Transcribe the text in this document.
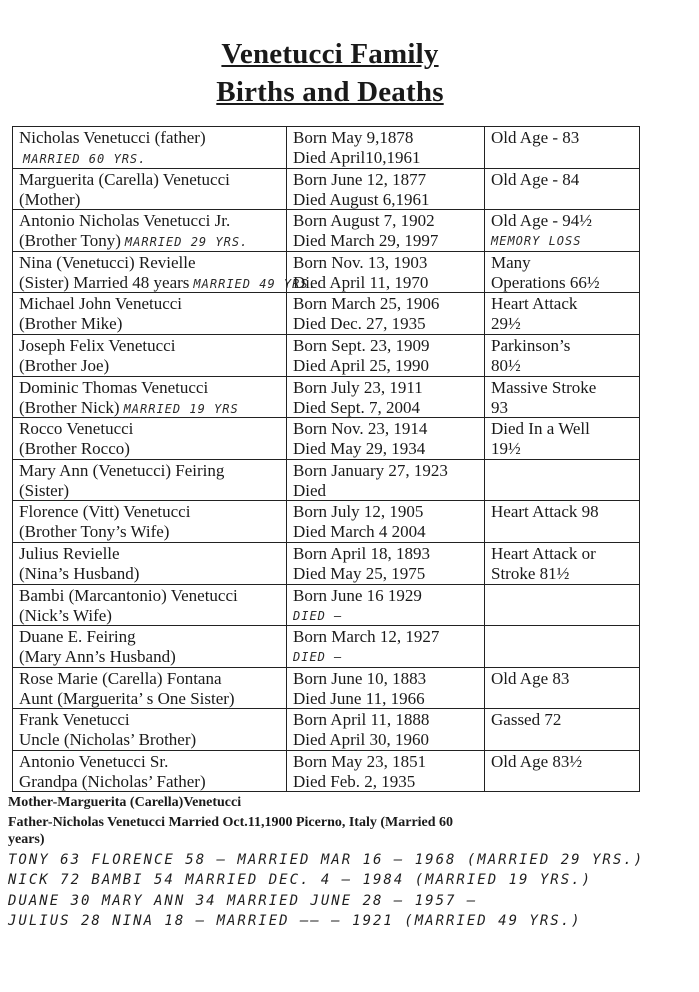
Venetucci Family
Births and Deaths
Nicholas Venetucci (father)
MARRIED 60 YRS.
Born May 9,1878
Died April10,1961
Old Age - 83
Marguerita (Carella) Venetucci
(Mother)
Born June 12, 1877
Died August 6,1961
Old Age - 84
Antonio Nicholas Venetucci Jr.
(Brother Tony) MARRIED 29 YRS.
Born August 7, 1902
Died March 29, 1997
Old Age - 94½
MEMORY LOSS
Nina (Venetucci) Revielle
(Sister) Married 48 years MARRIED 49 YRS.
Born Nov. 13, 1903
Died April 11, 1970
Many
Operations 66½
Michael John Venetucci
(Brother Mike)
Born March 25, 1906
Died Dec. 27, 1935
Heart Attack
29½
Joseph Felix Venetucci
(Brother Joe)
Born Sept. 23, 1909
Died April 25, 1990
Parkinson’s
80½
Dominic Thomas Venetucci
(Brother Nick) MARRIED 19 YRS
Born July 23, 1911
Died Sept. 7, 2004
Massive Stroke
93
Rocco Venetucci
(Brother Rocco)
Born Nov. 23, 1914
Died May 29, 1934
Died In a Well
19½
Mary Ann (Venetucci) Feiring
(Sister)
Born January 27, 1923
Died
Florence (Vitt) Venetucci
(Brother Tony’s Wife)
Born July 12, 1905
Died March 4 2004
Heart Attack 98
Julius Revielle
(Nina’s Husband)
Born April 18, 1893
Died May 25, 1975
Heart Attack or
Stroke 81½
Bambi (Marcantonio) Venetucci
(Nick’s Wife)
Born June 16 1929
DIED —
Duane E. Feiring
(Mary Ann’s Husband)
Born March 12, 1927
DIED —
Rose Marie (Carella) Fontana
Aunt (Marguerita’ s One Sister)
Born June 10, 1883
Died June 11, 1966
Old Age 83
Frank Venetucci
Uncle (Nicholas’ Brother)
Born April 11, 1888
Died April 30, 1960
Gassed 72
Antonio Venetucci Sr.
Grandpa (Nicholas’ Father)
Born May 23, 1851
Died Feb. 2, 1935
Old Age 83½
Mother-Marguerita (Carella)Venetucci
Father-Nicholas Venetucci Married Oct.11,1900 Picerno, Italy (Married 60
years)
TONY 63 FLORENCE 58 — MARRIED MAR 16 — 1968 (MARRIED 29 YRS.)
NICK 72 BAMBI 54 MARRIED DEC. 4 — 1984 (MARRIED 19 YRS.)
DUANE 30 MARY ANN 34 MARRIED JUNE 28 — 1957 —
JULIUS 28 NINA 18 — MARRIED —— — 1921 (MARRIED 49 YRS.)
